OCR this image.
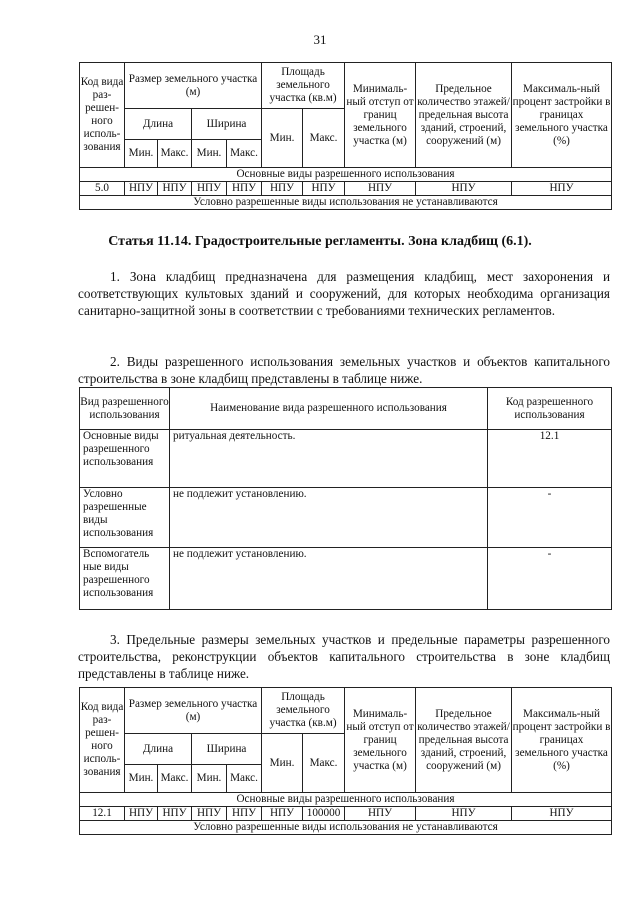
31
Код вида раз-решен-ного исполь-зования	Размер земельного участка (м)				Площадь земельного участка (кв.м)		Минималь-ный отступ от границ земельного участка (м)	Предельное количество этажей/ предельная высота зданий, строений, сооружений (м)	Максималь-ный процент застройки в границах земельного участка (%)
	Длина		Ширина		Мин.	Макс.			
	Мин.	Макс.	Мин.	Макс.					
Основные виды разрешенного использования									
5.0	НПУ	НПУ	НПУ	НПУ	НПУ	НПУ	НПУ	НПУ	НПУ
Условно разрешенные виды использования не устанавливаются									
Статья 11.14. Градостроительные регламенты. Зона кладбищ (6.1).

1. Зона кладбищ предназначена для размещения кладбищ, мест захоронения и соответствующих культовых зданий и сооружений, для которых необходима организация санитарно-защитной зоны в соответствии с требованиями технических регламентов.

2. Виды разрешенного использования земельных участков и объектов капитального строительства в зоне кладбищ представлены в таблице ниже.

Вид разрешенного использования	Наименование вида разрешенного использования	Код разрешенного использования
Основные виды разрешенного использования	ритуальная деятельность.	12.1
Условно разрешенные виды использования	не подлежит установлению.	-
Вспомогатель ные виды разрешенного использования	не подлежит установлению.	-

3. Предельные размеры земельных участков и предельные параметры разрешенного строительства, реконструкции объектов капитального строительства в зоне кладбищ представлены в таблице ниже.

Код вида раз-решен-ного исполь-зования	Размер земельного участка (м)				Площадь земельного участка (кв.м)		Минималь-ный отступ от границ земельного участка (м)	Предельное количество этажей/ предельная высота зданий, строений, сооружений (м)	Максималь-ный процент застройки в границах земельного участка (%)
	Длина		Ширина		Мин.	Макс.			
	Мин.	Макс.	Мин.	Макс.					
Основные виды разрешенного использования									
12.1	НПУ	НПУ	НПУ	НПУ	НПУ	100000	НПУ	НПУ	НПУ
Условно разрешенные виды использования не устанавливаются									
